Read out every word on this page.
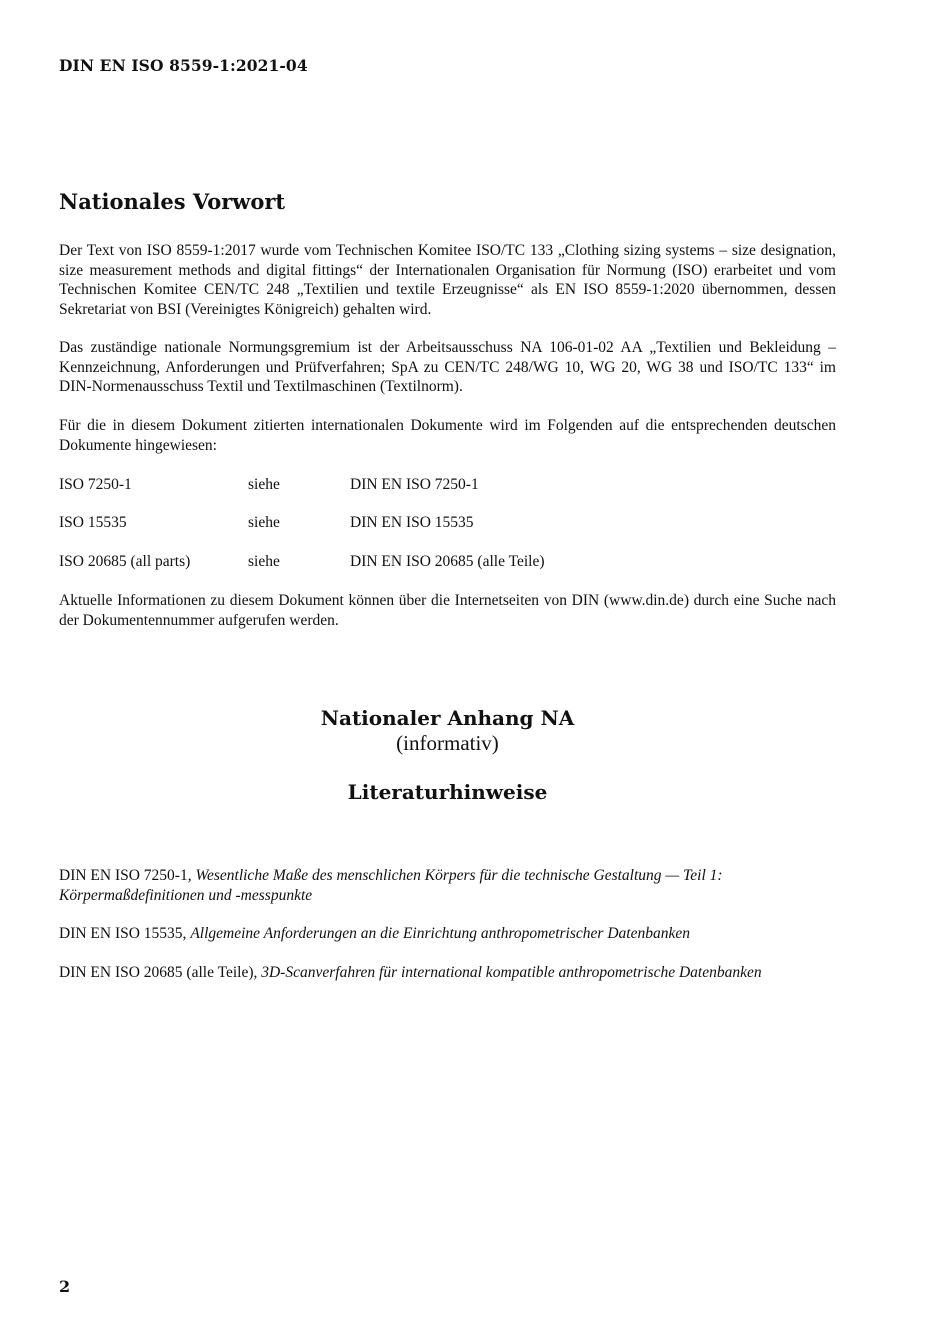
DIN EN ISO 8559-1:2021-04
Nationales Vorwort

Der Text von ISO 8559-1:2017 wurde vom Technischen Komitee ISO/TC 133 „Clothing sizing systems – size designation, size measurement methods and digital fittings“ der Internationalen Organisation für Normung (ISO) erarbeitet und vom Technischen Komitee CEN/TC 248 „Textilien und textile Erzeugnisse“ als EN ISO 8559-1:2020 übernommen, dessen Sekretariat von BSI (Vereinigtes Königreich) gehalten wird.

Das zuständige nationale Normungsgremium ist der Arbeitsausschuss NA 106-01-02 AA „Textilien und Bekleidung – Kennzeichnung, Anforderungen und Prüfverfahren; SpA zu CEN/TC 248/WG 10, WG 20, WG 38 und ISO/TC 133“ im DIN-Normenausschuss Textil und Textilmaschinen (Textilnorm).

Für die in diesem Dokument zitierten internationalen Dokumente wird im Folgenden auf die entsprechenden deutschen Dokumente hingewiesen:

ISO 7250-1	siehe	DIN EN ISO 7250-1
ISO 15535	siehe	DIN EN ISO 15535
ISO 20685 (all parts)	siehe	DIN EN ISO 20685 (alle Teile)

Aktuelle Informationen zu diesem Dokument können über die Internetseiten von DIN (www.din.de) durch eine Suche nach der Dokumentennummer aufgerufen werden.

Nationaler Anhang NA
(informativ)
Literaturhinweise

DIN EN ISO 7250-1, Wesentliche Maße des menschlichen Körpers für die technische Gestaltung — Teil 1: Körpermaßdefinitionen und -messpunkte

DIN EN ISO 15535, Allgemeine Anforderungen an die Einrichtung anthropometrischer Datenbanken

DIN EN ISO 20685 (alle Teile), 3D-Scanverfahren für international kompatible anthropometrische Datenbanken

2
